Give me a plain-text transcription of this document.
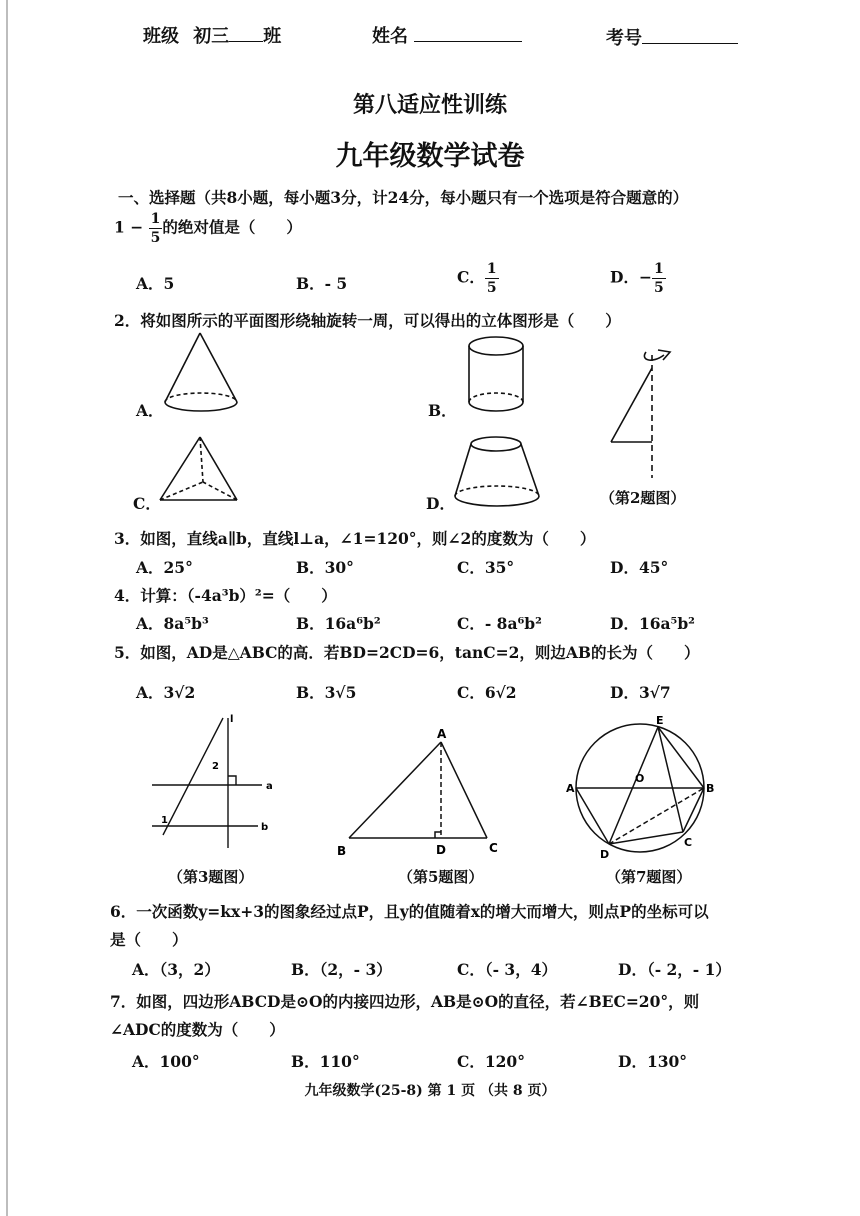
班级 初三 班	姓名	考号
第八适应性训练
九年级数学试卷
一、选择题（共8小题，每小题3分，计24分，每小题只有一个选项是符合题意的）
$1 - \frac{1}{5}$ 的绝对值是（　　）
A．5	B．- 5	C． $\frac{1}{5}$	D．− $\frac{1}{5}$
2．将如图所示的平面图形绕轴旋转一周，可以得出的立体图形是（　　）
A．	B．
C．	D．	（第2题图）
3．如图，直线a∥b，直线l⊥a，∠1=120°，则∠2的度数为（　　）
A．25°	B．30°	C．35°	D．45°
4．计算：（-4a³b）²=（　　）
A．8a⁵b³	B．16a⁶b²	C．- 8a⁶b²	D．16a⁵b²
5．如图，AD是△ABC的高．若BD=2CD=6，tanC=2，则边AB的长为（　　）
A．3√2	B．3√5	C．6√2	D．3√7
l
a
b
1
2
A
B	C
D
E
A	B
O
C
D
（第3题图）	（第5题图）	（第7题图）
6．一次函数y=kx+3的图象经过点P，且y的值随着x的增大而增大，则点P的坐标可以
是（　　）
A．（3，2）	B．（2，- 3）	C．（- 3，4）	D．（- 2，- 1）
7．如图，四边形ABCD是⊙O的内接四边形，AB是⊙O的直径，若∠BEC=20°，则
∠ADC的度数为（　　）
A．100°	B．110°	C．120°	D．130°
九年级数学(25-8) 第 1 页 （共 8 页）
